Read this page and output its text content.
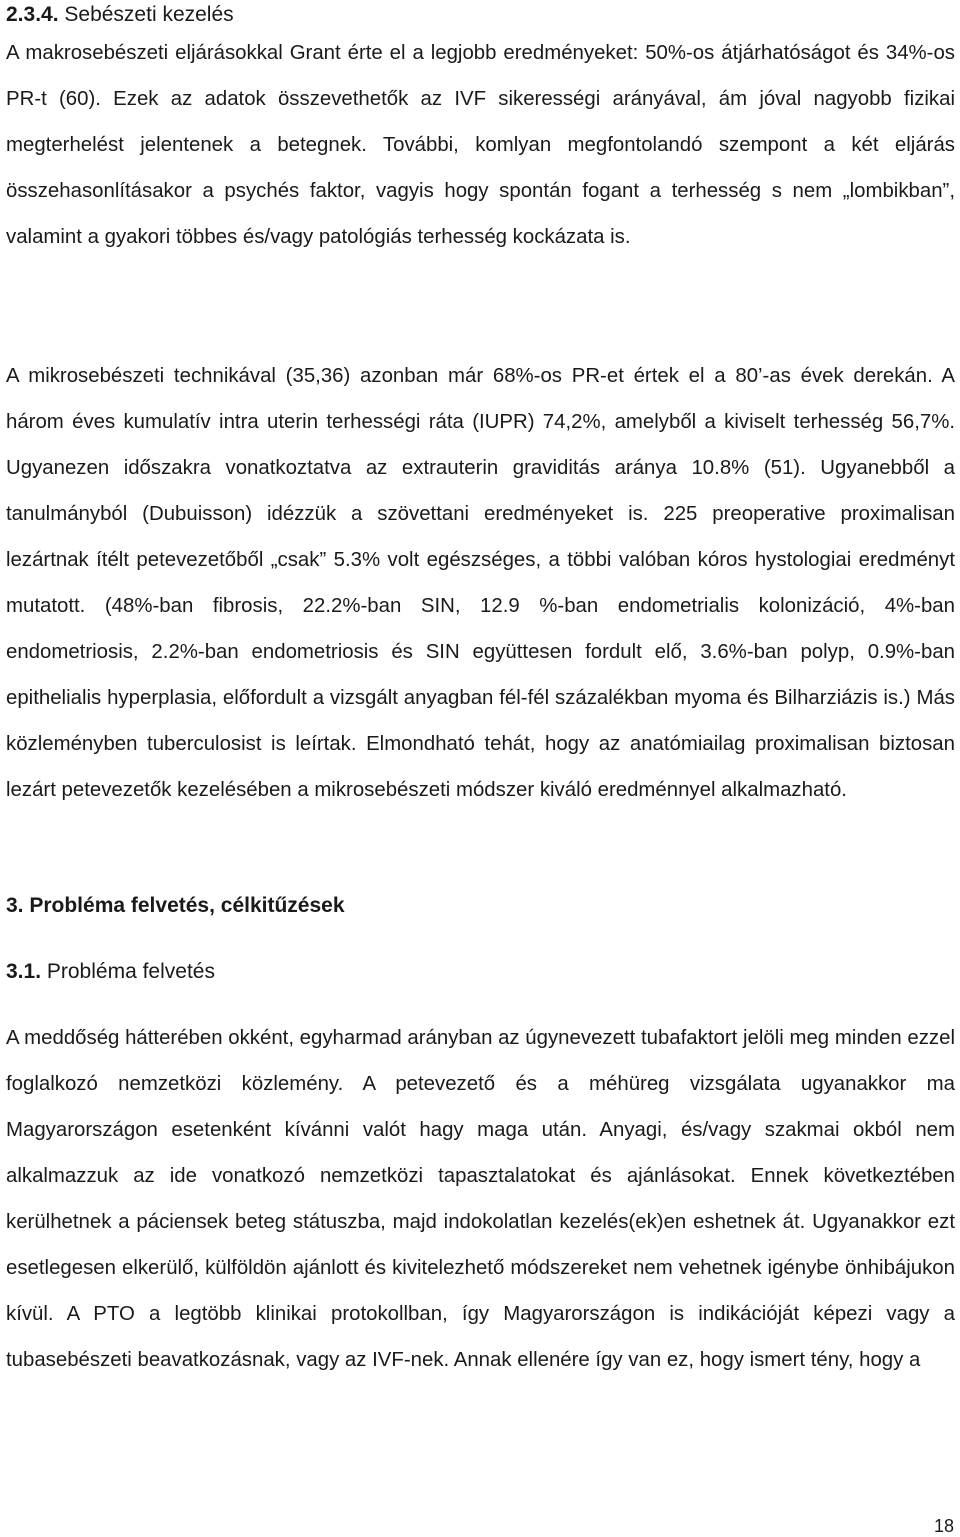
2.3.4. Sebészeti kezelés

A makrosebészeti eljárásokkal Grant érte el a legjobb eredményeket: 50%-os átjárhatóságot és 34%-os PR-t (60). Ezek az adatok összevethetők az IVF sikerességi arányával, ám jóval nagyobb fizikai megterhelést jelentenek a betegnek. További, komlyan megfontolandó szempont a két eljárás összehasonlításakor a psychés faktor, vagyis hogy spontán fogant a terhesség s nem „lombikban”, valamint a gyakori többes és/vagy patológiás terhesség kockázata is.

A mikrosebészeti technikával (35,36) azonban már 68%-os PR-et értek el a 80’-as évek derekán. A három éves kumulatív intra uterin terhességi ráta (IUPR) 74,2%, amelyből a kiviselt terhesség 56,7%. Ugyanezen időszakra vonatkoztatva az extrauterin graviditás aránya 10.8% (51). Ugyanebből a tanulmányból (Dubuisson) idézzük a szövettani eredményeket is. 225 preoperative proximalisan lezártnak ítélt petevezetőből „csak” 5.3% volt egészséges, a többi valóban kóros hystologiai eredményt mutatott. (48%-ban fibrosis, 22.2%-ban SIN, 12.9 %-ban endometrialis kolonizáció, 4%-ban endometriosis, 2.2%-ban endometriosis és SIN együttesen fordult elő, 3.6%-ban polyp, 0.9%-ban epithelialis hyperplasia, előfordult a vizsgált anyagban fél-fél százalékban myoma és Bilharziázis is.) Más közleményben tuberculosist is leírtak. Elmondható tehát, hogy az anatómiailag proximalisan biztosan lezárt petevezetők kezelésében a mikrosebészeti módszer kiváló eredménnyel alkalmazható.

3. Probléma felvetés, célkitűzések
3.1. Probléma felvetés

A meddőség hátterében okként, egyharmad arányban az úgynevezett tubafaktort jelöli meg minden ezzel foglalkozó nemzetközi közlemény. A petevezető és a méhüreg vizsgálata ugyanakkor ma Magyarországon esetenként kívánni valót hagy maga után. Anyagi, és/vagy szakmai okból nem alkalmazzuk az ide vonatkozó nemzetközi tapasztalatokat és ajánlásokat. Ennek következtében kerülhetnek a páciensek beteg státuszba, majd indokolatlan kezelés(ek)en eshetnek át. Ugyanakkor ezt esetlegesen elkerülő, külföldön ajánlott és kivitelezhető módszereket nem vehetnek igénybe önhibájukon kívül. A PTO a legtöbb klinikai protokollban, így Magyarországon is indikációját képezi vagy a tubasebészeti beavatkozásnak, vagy az IVF-nek. Annak ellenére így van ez, hogy ismert tény, hogy a

18
